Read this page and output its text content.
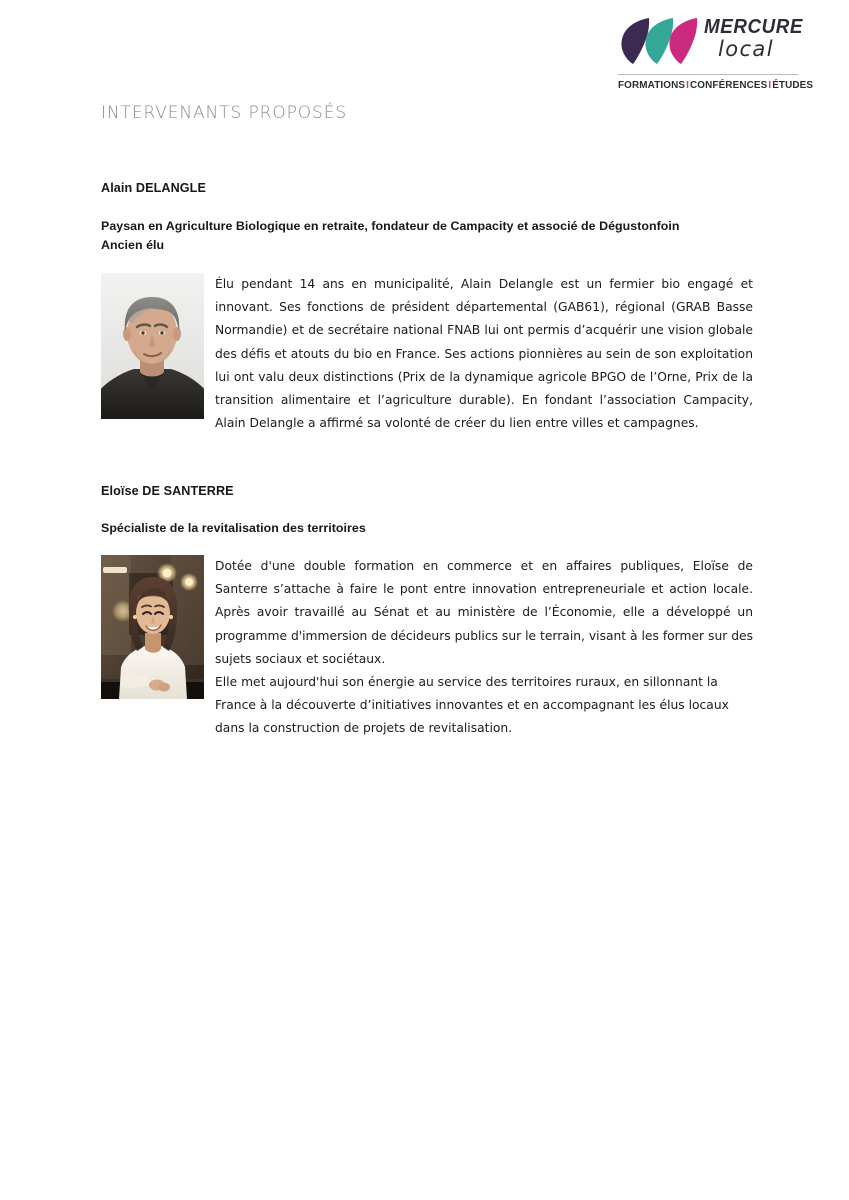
MERCURE
local
FORMATIONSICONFÉRENCESIÉTUDES
INTERVENANTS PROPOSÉS
Alain DELANGLE
Paysan en Agriculture Biologique en retraite, fondateur de Campacity et associé de Dégustonfoin
Ancien élu

Élu pendant 14 ans en municipalité, Alain Delangle est un fermier bio engagé et innovant. Ses fonctions de président départemental (GAB61), régional (GRAB Basse Normandie) et de secrétaire national FNAB lui ont permis d’acquérir une vision globale des défis et atouts du bio en France. Ses actions pionnières au sein de son exploitation lui ont valu deux distinctions (Prix de la dynamique agricole BPGO de l’Orne, Prix de la transition alimentaire et l’agriculture durable). En fondant l’association Campacity, Alain Delangle a affirmé sa volonté de créer du lien entre villes et campagnes.

Eloïse DE SANTERRE
Spécialiste de la revitalisation des territoires

Dotée d'une double formation en commerce et en affaires publiques, Eloïse de Santerre s’attache à faire le pont entre innovation entrepreneuriale et action locale. Après avoir travaillé au Sénat et au ministère de l’Économie, elle a développé un programme d'immersion de décideurs publics sur le terrain, visant à les former sur des sujets sociaux et sociétaux.

Elle met aujourd'hui son énergie au service des territoires ruraux, en sillonnant la France à la découverte d’initiatives innovantes et en accompagnant les élus locaux dans la construction de projets de revitalisation.
